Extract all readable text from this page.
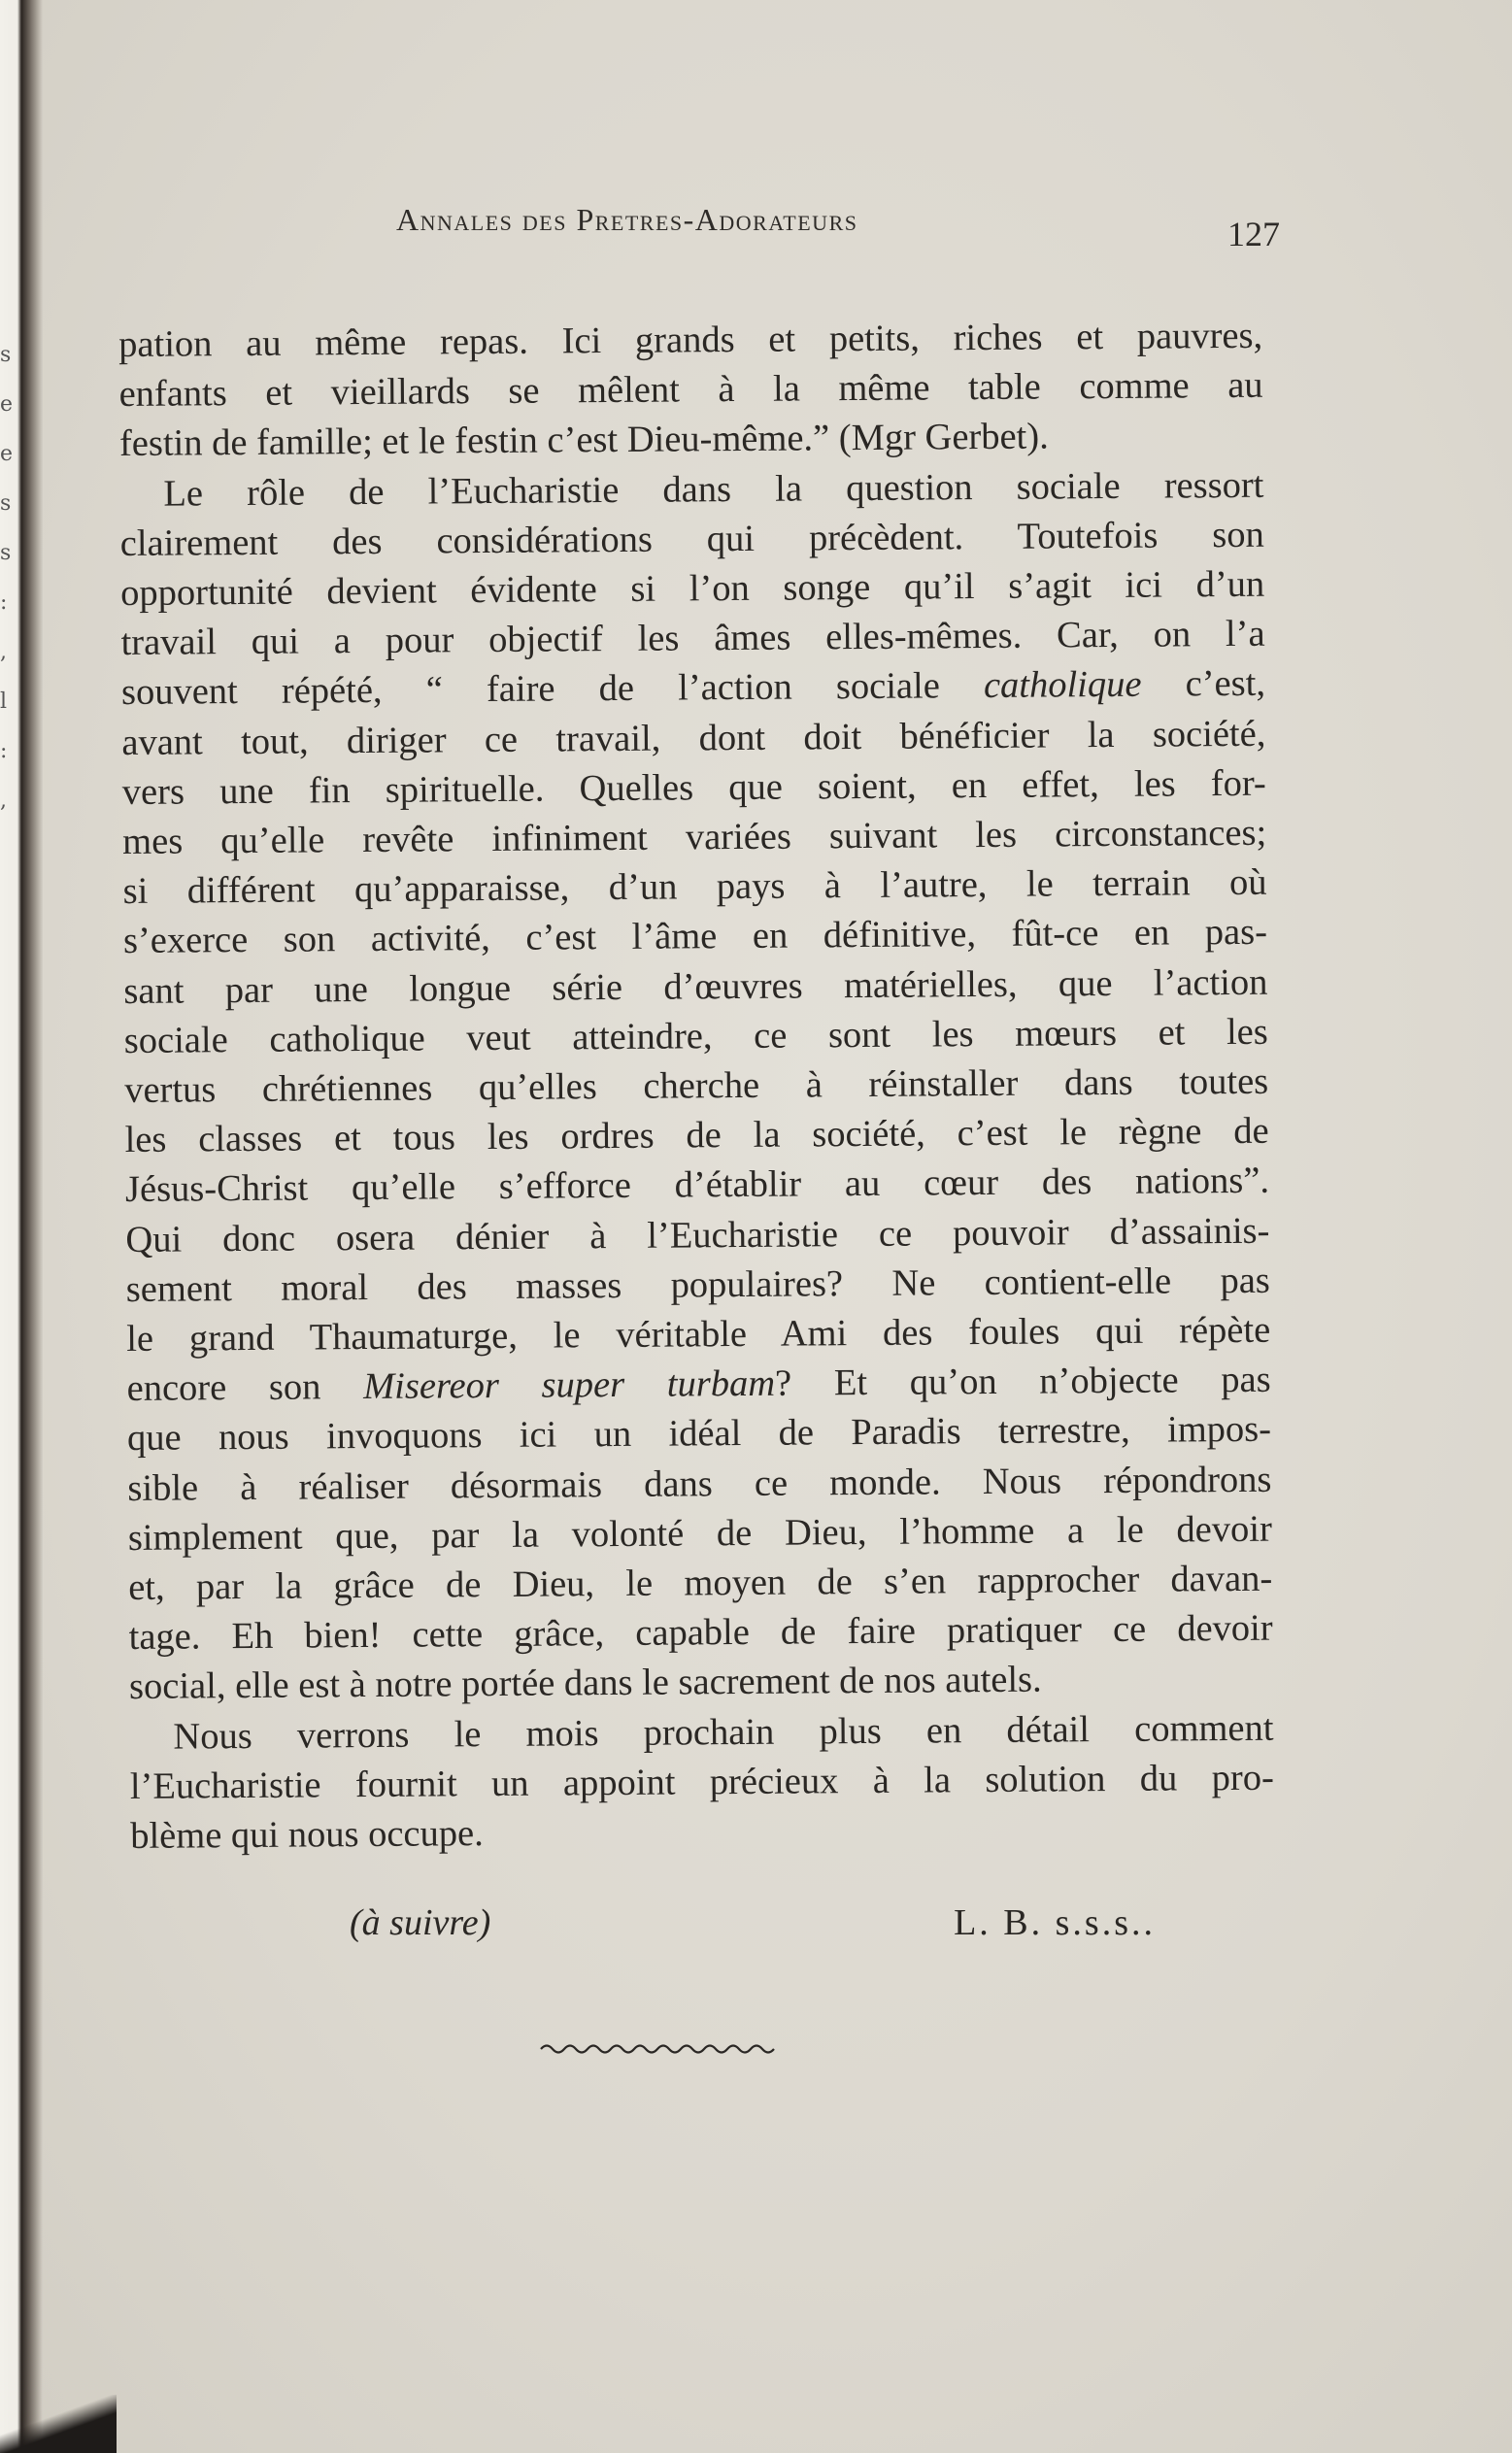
s
e
e
s
s
:
,
l
:
,
Annales des Pretres-Adorateurs	127
pation au même repas. Ici grands et petits, riches et pauvres,
enfants et vieillards se mêlent à la même table comme au
festin de famille; et le festin c’est Dieu-même.” (Mgr Gerbet).
Le rôle de l’Eucharistie dans la question sociale ressort
clairement des considérations qui précèdent. Toutefois son
opportunité devient évidente si l’on songe qu’il s’agit ici d’un
travail qui a pour objectif les âmes elles-mêmes. Car, on l’a
souvent répété, “ faire de l’action sociale catholique c’est,
avant tout, diriger ce travail, dont doit bénéficier la société,
vers une fin spirituelle. Quelles que soient, en effet, les for-
mes qu’elle revête infiniment variées suivant les circonstances;
si différent qu’apparaisse, d’un pays à l’autre, le terrain où
s’exerce son activité, c’est l’âme en définitive, fût-ce en pas-
sant par une longue série d’œuvres matérielles, que l’action
sociale catholique veut atteindre, ce sont les mœurs et les
vertus chrétiennes qu’elles cherche à réinstaller dans toutes
les classes et tous les ordres de la société, c’est le règne de
Jésus-Christ qu’elle s’efforce d’établir au cœur des nations”.
Qui donc osera dénier à l’Eucharistie ce pouvoir d’assainis-
sement moral des masses populaires? Ne contient-elle pas
le grand Thaumaturge, le véritable Ami des foules qui répète
encore son Misereor super turbam? Et qu’on n’objecte pas
que nous invoquons ici un idéal de Paradis terrestre, impos-
sible à réaliser désormais dans ce monde. Nous répondrons
simplement que, par la volonté de Dieu, l’homme a le devoir
et, par la grâce de Dieu, le moyen de s’en rapprocher davan-
tage. Eh bien! cette grâce, capable de faire pratiquer ce devoir
social, elle est à notre portée dans le sacrement de nos autels.
Nous verrons le mois prochain plus en détail comment
l’Eucharistie fournit un appoint précieux à la solution du pro-
blème qui nous occupe.
(à suivre)	L. B. s.s.s..
